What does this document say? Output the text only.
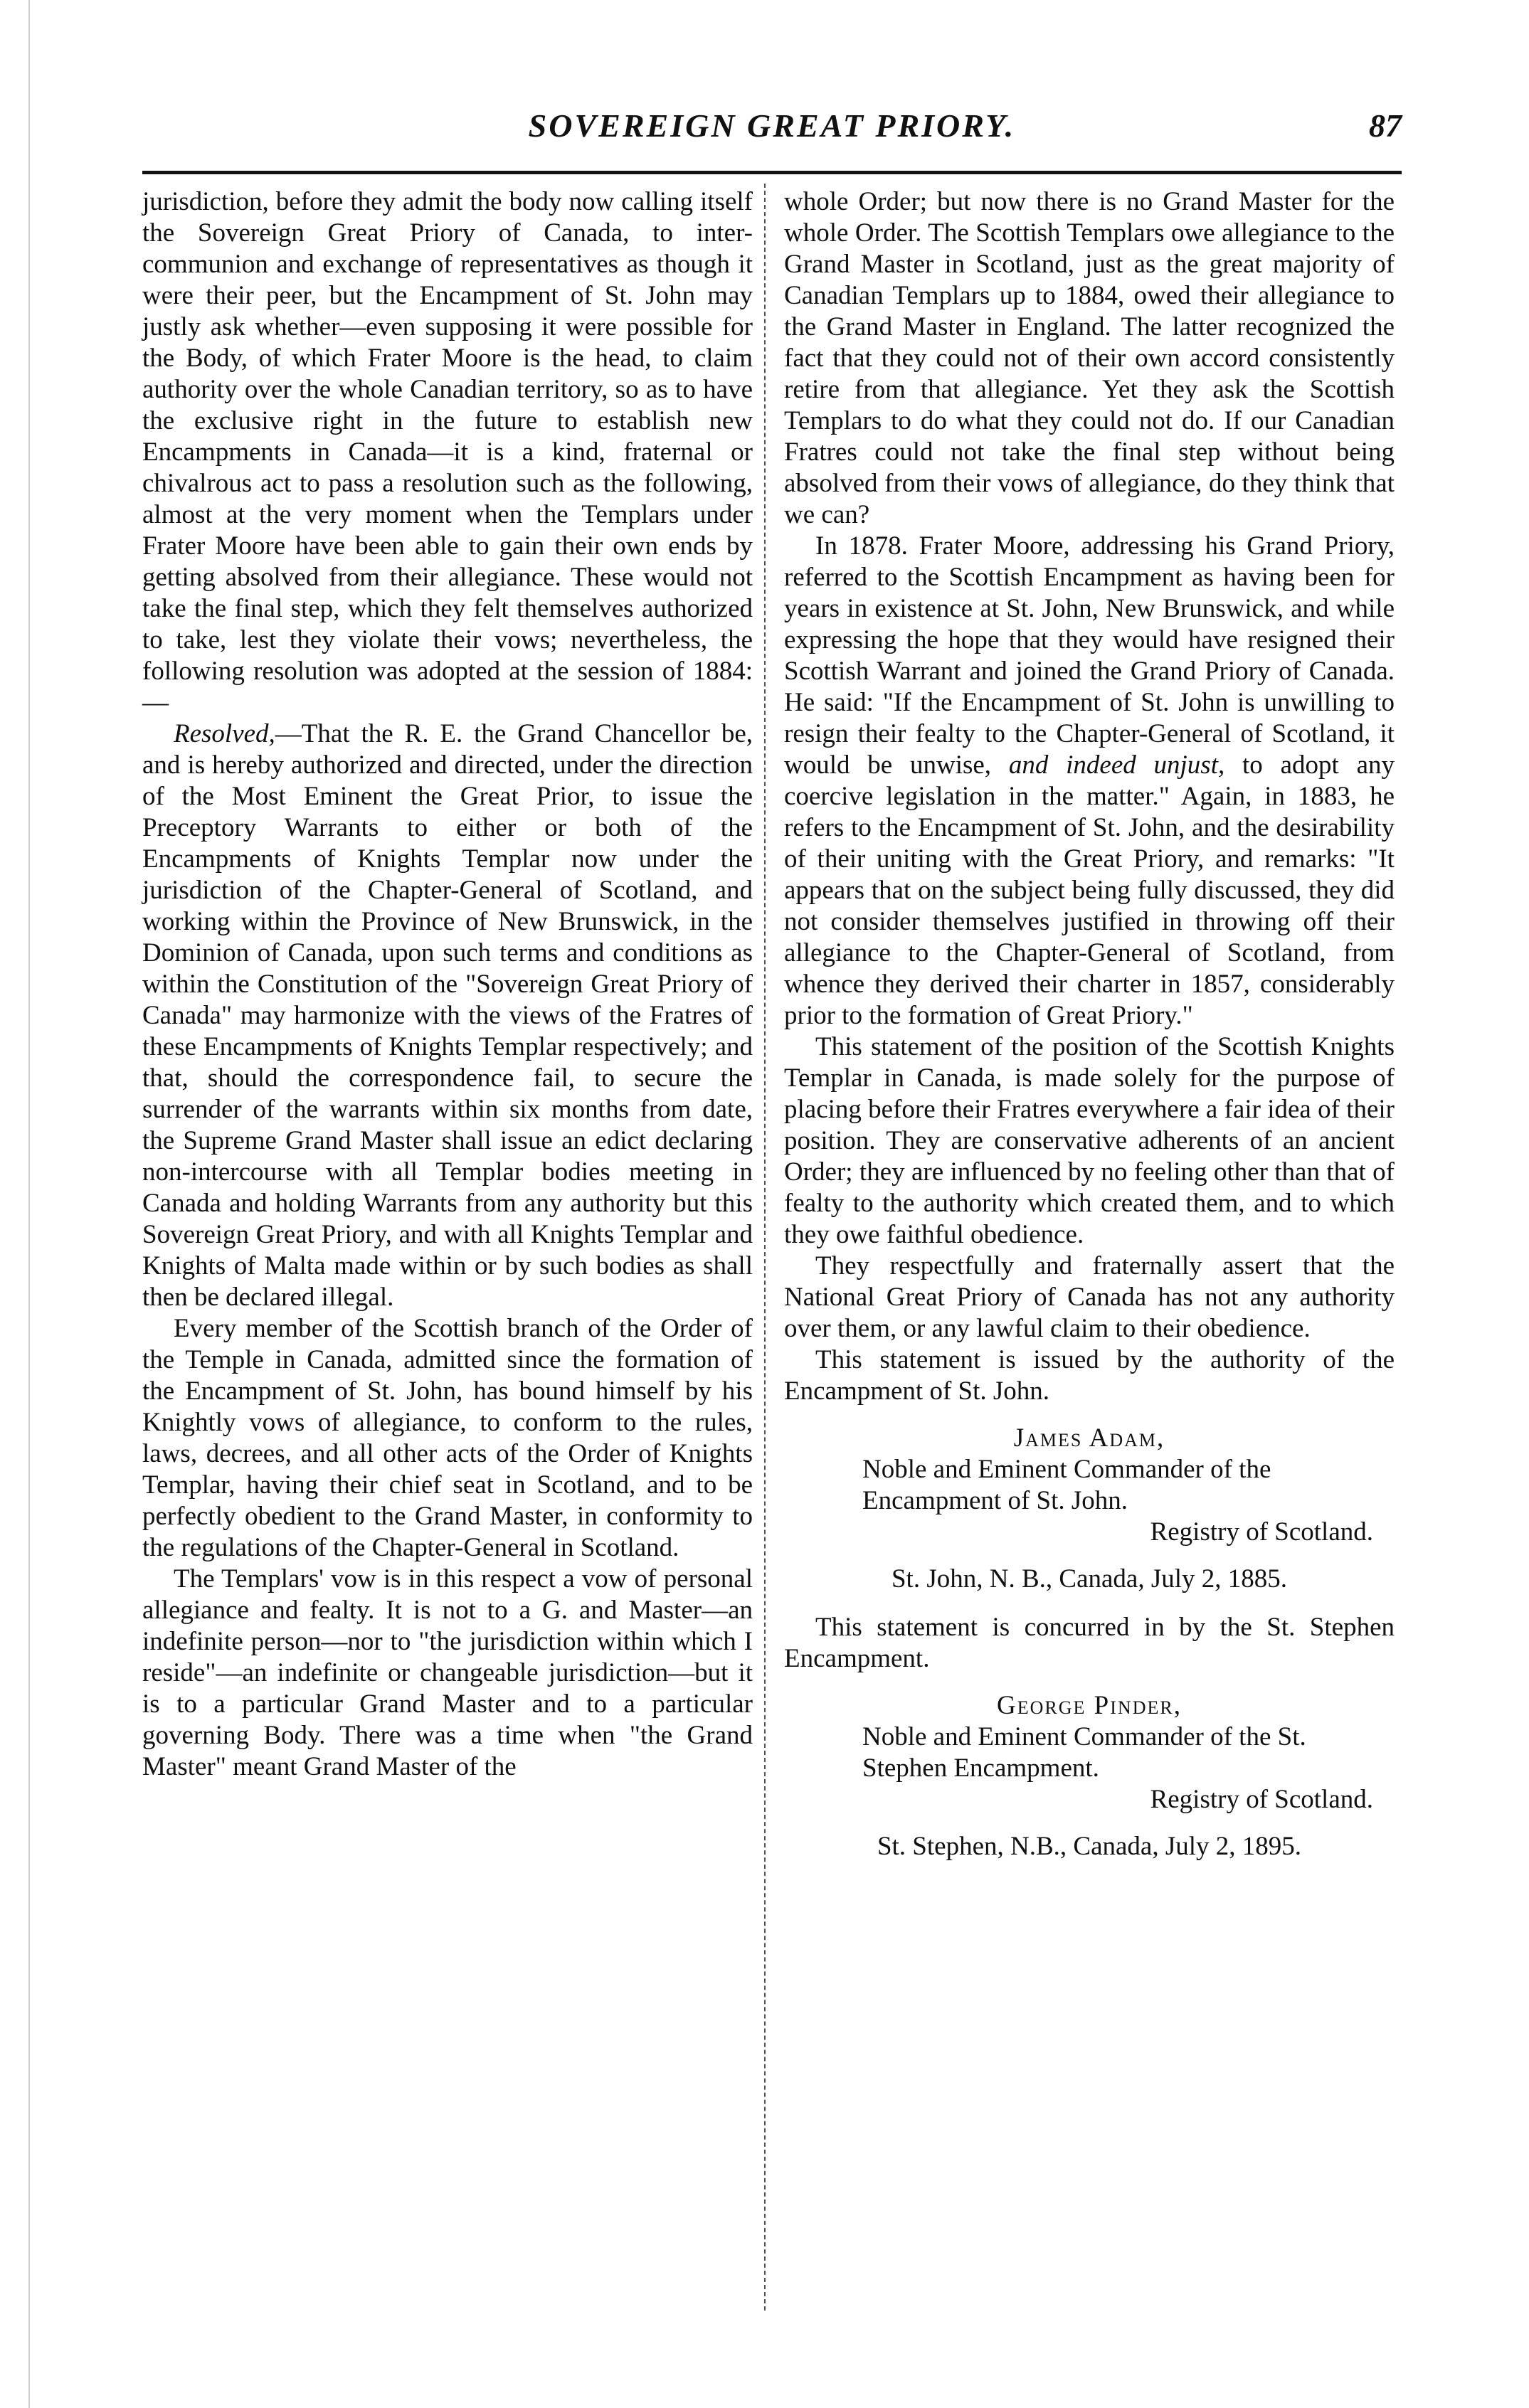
SOVEREIGN GREAT PRIORY.	87

jurisdiction, before they admit the body now calling itself the Sovereign Great Priory of Canada, to inter-communion and exchange of representatives as though it were their peer, but the Encampment of St. John may justly ask whether—even supposing it were possible for the Body, of which Frater Moore is the head, to claim authority over the whole Canadian territory, so as to have the exclusive right in the future to establish new Encampments in Canada—it is a kind, fraternal or chivalrous act to pass a resolution such as the following, almost at the very moment when the Templars under Frater Moore have been able to gain their own ends by getting absolved from their allegiance. These would not take the final step, which they felt themselves authorized to take, lest they violate their vows; nevertheless, the following resolution was adopted at the session of 1884:—

Resolved,—That the R. E. the Grand Chancellor be, and is hereby authorized and directed, under the direction of the Most Eminent the Great Prior, to issue the Preceptory Warrants to either or both of the Encampments of Knights Templar now under the jurisdiction of the Chapter-General of Scotland, and working within the Province of New Brunswick, in the Dominion of Canada, upon such terms and conditions as within the Constitution of the "Sovereign Great Priory of Canada" may harmonize with the views of the Fratres of these Encampments of Knights Templar respectively; and that, should the correspondence fail, to secure the surrender of the warrants within six months from date, the Supreme Grand Master shall issue an edict declaring non-intercourse with all Templar bodies meeting in Canada and holding Warrants from any authority but this Sovereign Great Priory, and with all Knights Templar and Knights of Malta made within or by such bodies as shall then be declared illegal.

Every member of the Scottish branch of the Order of the Temple in Canada, admitted since the formation of the Encampment of St. John, has bound himself by his Knightly vows of allegiance, to conform to the rules, laws, decrees, and all other acts of the Order of Knights Templar, having their chief seat in Scotland, and to be perfectly obedient to the Grand Master, in conformity to the regulations of the Chapter-General in Scotland.

The Templars' vow is in this respect a vow of personal allegiance and fealty. It is not to a G. and Master—an indefinite person—nor to "the jurisdiction within which I reside"—an indefinite or changeable jurisdiction—but it is to a particular Grand Master and to a particular governing Body. There was a time when "the Grand Master" meant Grand Master of the

whole Order; but now there is no Grand Master for the whole Order. The Scottish Templars owe allegiance to the Grand Master in Scotland, just as the great majority of Canadian Templars up to 1884, owed their allegiance to the Grand Master in England. The latter recognized the fact that they could not of their own accord consistently retire from that allegiance. Yet they ask the Scottish Templars to do what they could not do. If our Canadian Fratres could not take the final step without being absolved from their vows of allegiance, do they think that we can?

In 1878. Frater Moore, addressing his Grand Priory, referred to the Scottish Encampment as having been for years in existence at St. John, New Brunswick, and while expressing the hope that they would have resigned their Scottish Warrant and joined the Grand Priory of Canada. He said: "If the Encampment of St. John is unwilling to resign their fealty to the Chapter-General of Scotland, it would be unwise, and indeed unjust, to adopt any coercive legislation in the matter." Again, in 1883, he refers to the Encampment of St. John, and the desirability of their uniting with the Great Priory, and remarks: "It appears that on the subject being fully discussed, they did not consider themselves justified in throwing off their allegiance to the Chapter-General of Scotland, from whence they derived their charter in 1857, considerably prior to the formation of Great Priory."

This statement of the position of the Scottish Knights Templar in Canada, is made solely for the purpose of placing before their Fratres everywhere a fair idea of their position. They are conservative adherents of an ancient Order; they are influenced by no feeling other than that of fealty to the authority which created them, and to which they owe faithful obedience.

They respectfully and fraternally assert that the National Great Priory of Canada has not any authority over them, or any lawful claim to their obedience.

This statement is issued by the authority of the Encampment of St. John.

James Adam,

Noble and Eminent Commander of the Encampment of St. John.

Registry of Scotland.

St. John, N. B., Canada, July 2, 1885.

This statement is concurred in by the St. Stephen Encampment.

George Pinder,

Noble and Eminent Commander of the St. Stephen Encampment.

Registry of Scotland.

St. Stephen, N.B., Canada, July 2, 1895.
